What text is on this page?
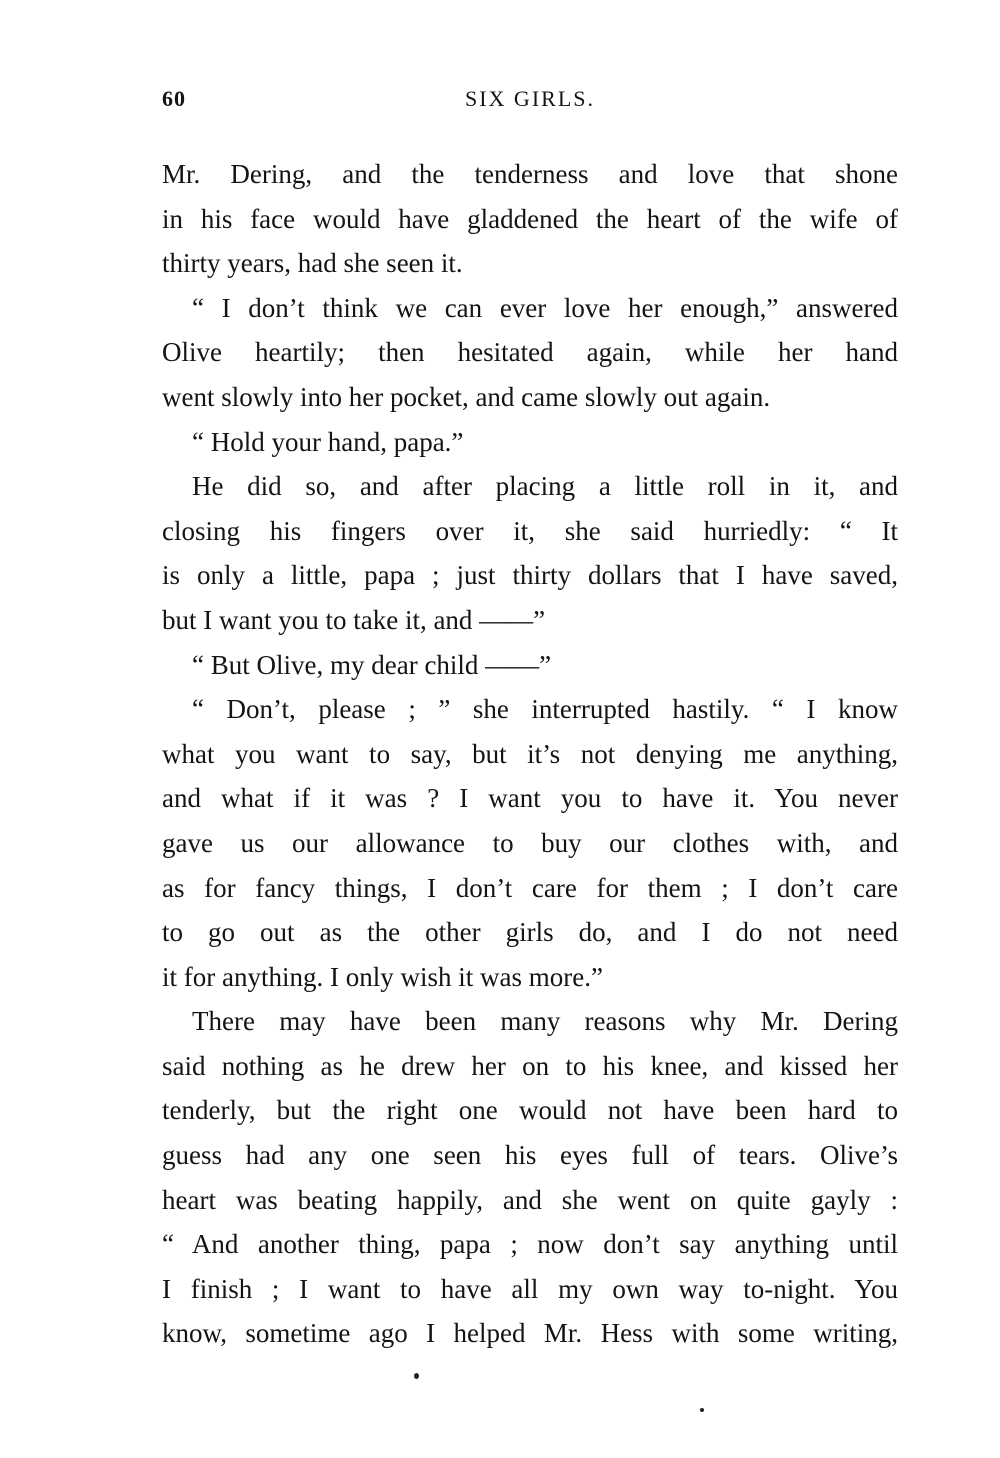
60	SIX GIRLS.
Mr. Dering, and the tenderness and love that shone
in his face would have gladdened the heart of the wife of
thirty years, had she seen it.
“ I don’t think we can ever love her enough,” answered
Olive heartily; then hesitated again, while her hand
went slowly into her pocket, and came slowly out again.
“ Hold your hand, papa.”
He did so, and after placing a little roll in it, and
closing his fingers over it, she said hurriedly: “ It
is only a little, papa ; just thirty dollars that I have saved,
but I want you to take it, and ——”
“ But Olive, my dear child ——”
“ Don’t, please ; ” she interrupted hastily. “ I know
what you want to say, but it’s not denying me anything,
and what if it was ? I want you to have it. You never
gave us our allowance to buy our clothes with, and
as for fancy things, I don’t care for them ; I don’t care
to go out as the other girls do, and I do not need
it for anything. I only wish it was more.”
There may have been many reasons why Mr. Dering
said nothing as he drew her on to his knee, and kissed her
tenderly, but the right one would not have been hard to
guess had any one seen his eyes full of tears. Olive’s
heart was beating happily, and she went on quite gayly :
“ And another thing, papa ; now don’t say anything until
I finish ; I want to have all my own way to-night. You
know, sometime ago I helped Mr. Hess with some writing,
